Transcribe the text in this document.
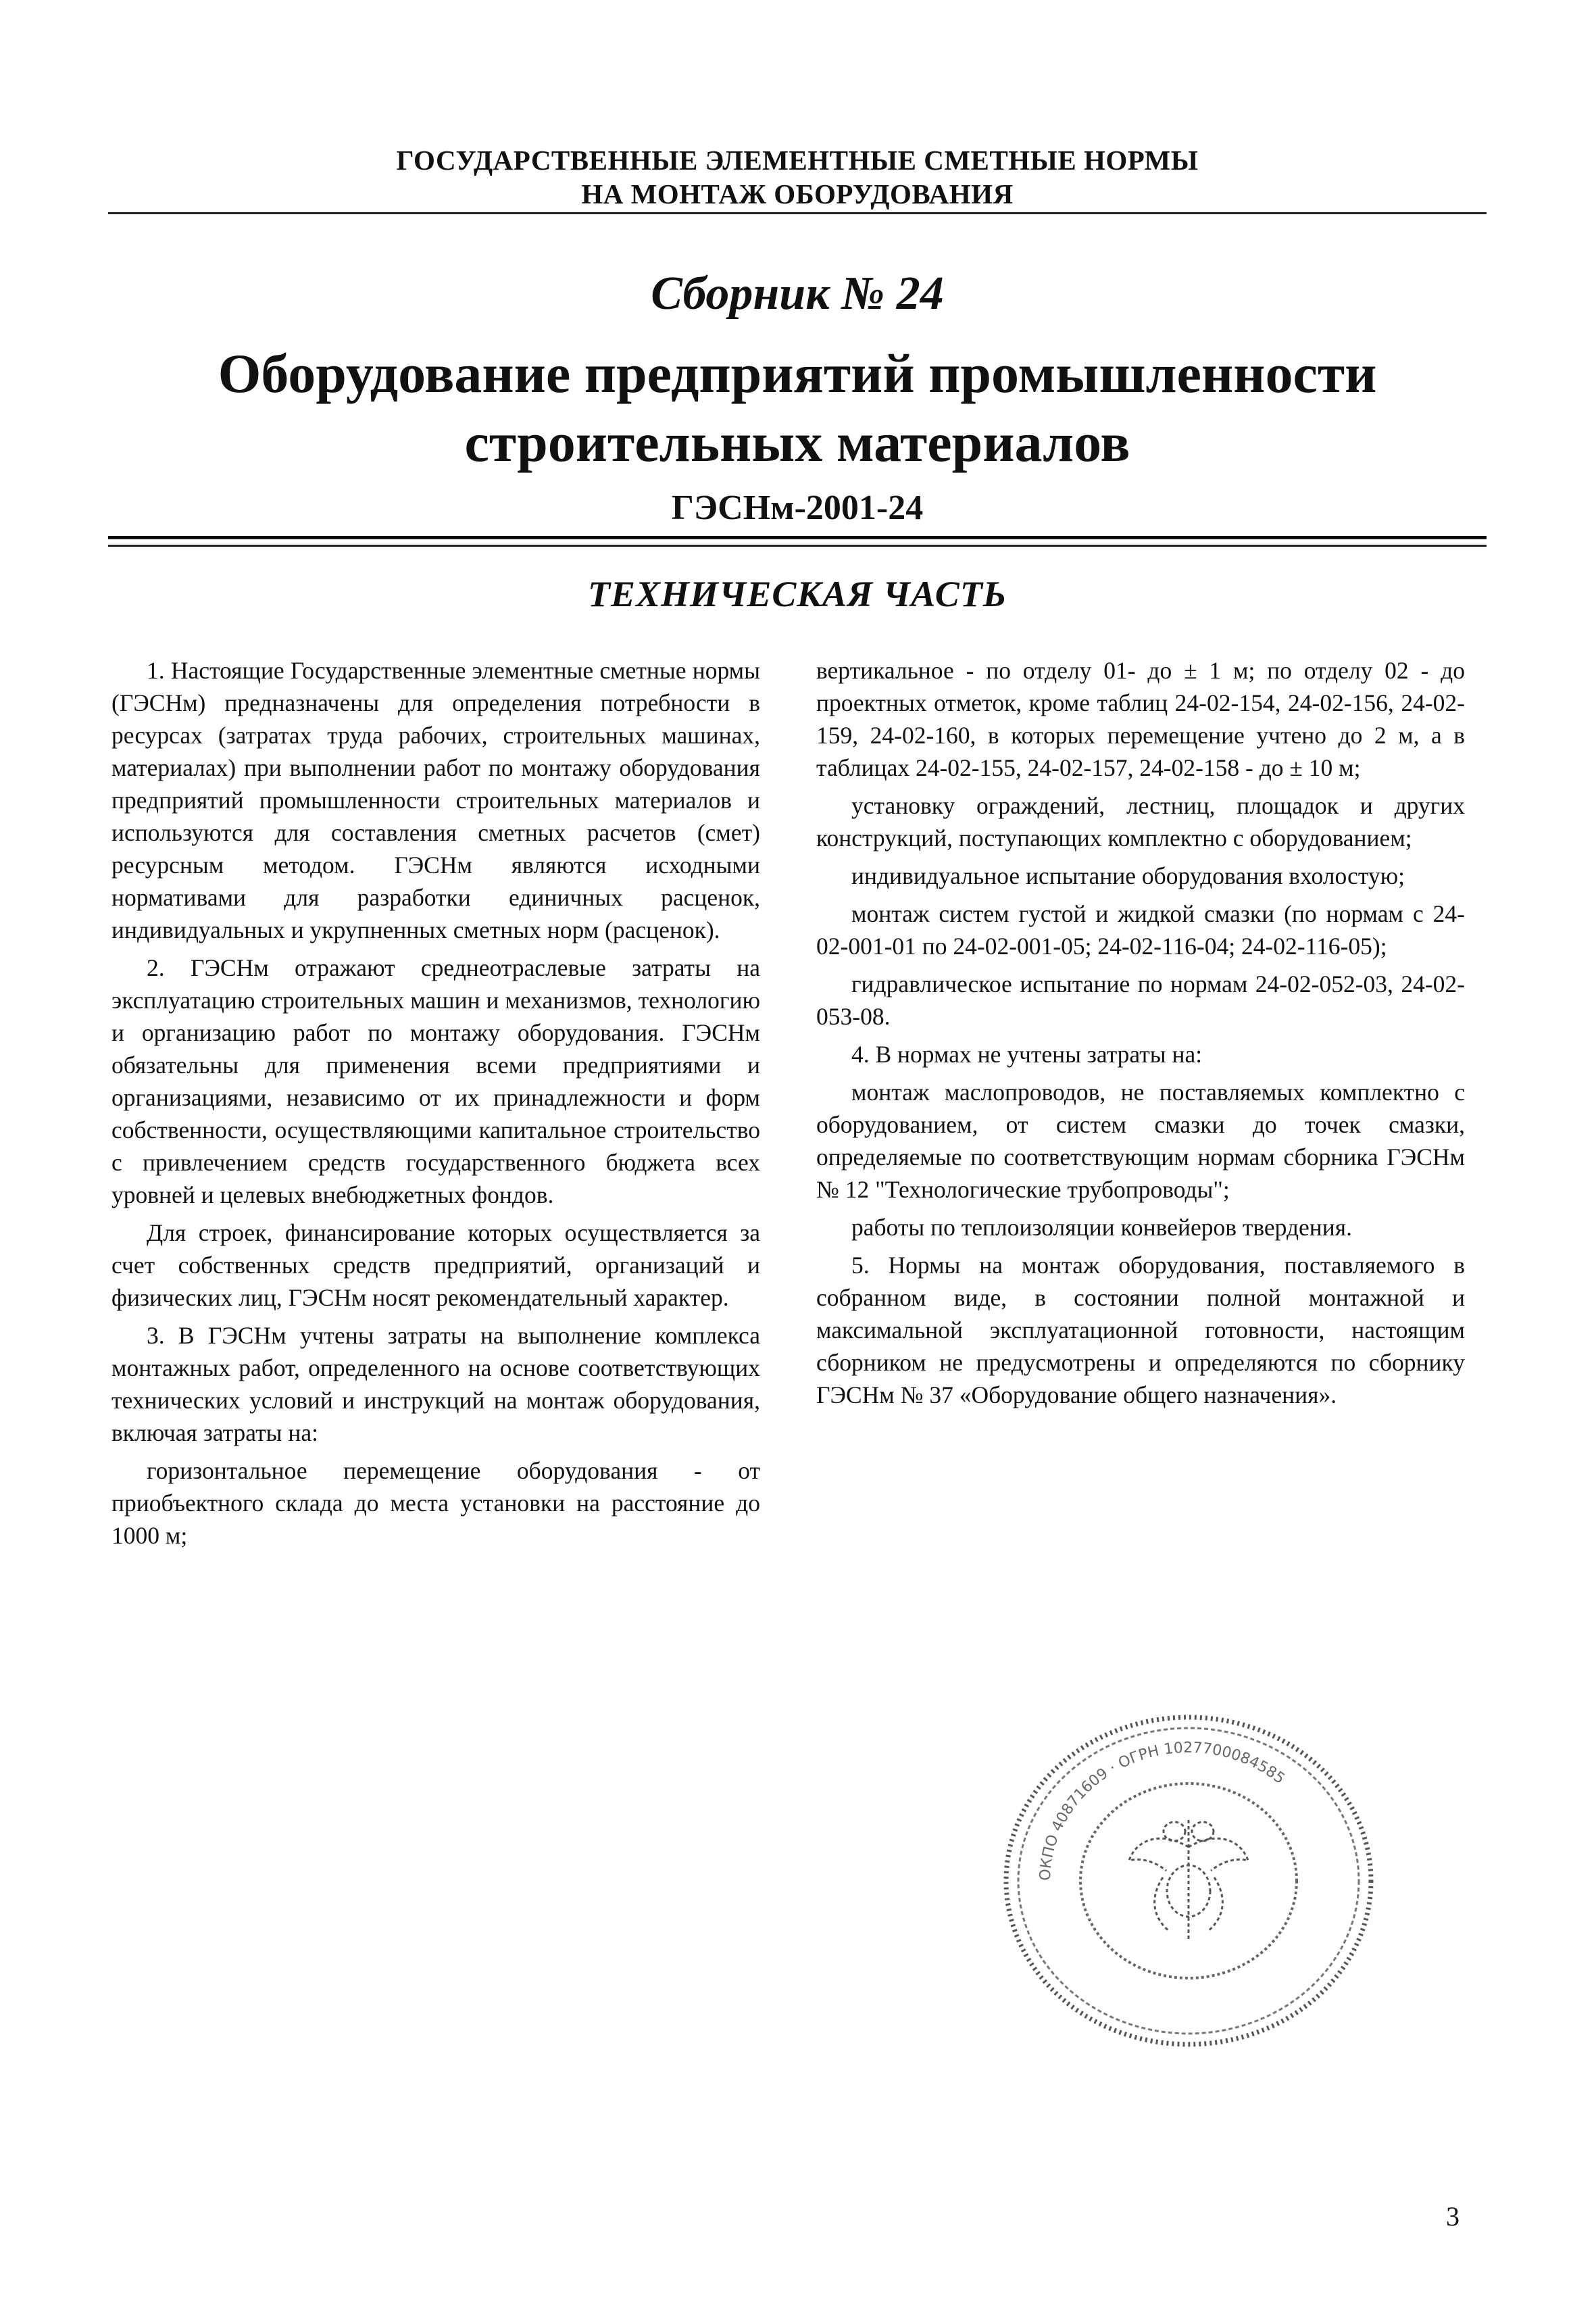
ГОСУДАРСТВЕННЫЕ ЭЛЕМЕНТНЫЕ СМЕТНЫЕ НОРМЫ
НА МОНТАЖ ОБОРУДОВАНИЯ
Сборник № 24
Оборудование предприятий промышленности
строительных материалов
ГЭСНм-2001-24
ТЕХНИЧЕСКАЯ ЧАСТЬ

1. Настоящие Государственные элементные сметные нормы (ГЭСНм) предназначены для определения потребности в ресурсах (затратах труда рабочих, строительных машинах, материалах) при выполнении работ по монтажу оборудования предприятий промышленности строительных материалов и используются для составления сметных расчетов (смет) ресурсным методом. ГЭСНм являются исходными нормативами для разработки единичных расценок, индивидуальных и укрупненных сметных норм (расценок).

2. ГЭСНм отражают среднеотраслевые затраты на эксплуатацию строительных машин и механизмов, технологию и организацию работ по монтажу оборудования. ГЭСНм обязательны для применения всеми предприятиями и организациями, независимо от их принадлежности и форм собственности, осуществляющими капитальное строительство с привлечением средств государственного бюджета всех уровней и целевых внебюджетных фондов.

Для строек, финансирование которых осуществляется за счет собственных средств предприятий, организаций и физических лиц, ГЭСНм носят рекомендательный характер.

3. В ГЭСНм учтены затраты на выполнение комплекса монтажных работ, определенного на основе соответствующих технических условий и инструкций на монтаж оборудования, включая затраты на:

горизонтальное перемещение оборудования - от приобъектного склада до места установки на расстояние до 1000 м;

вертикальное - по отделу 01- до ± 1 м; по отделу 02 - до проектных отметок, кроме таблиц 24-02-154, 24-02-156, 24-02-159, 24-02-160, в которых перемещение учтено до 2 м, а в таблицах 24-02-155, 24-02-157, 24-02-158 - до ± 10 м;

установку ограждений, лестниц, площадок и других конструкций, поступающих комплектно с оборудованием;

индивидуальное испытание оборудования вхолостую;

монтаж систем густой и жидкой смазки (по нормам с 24-02-001-01 по 24-02-001-05; 24-02-116-04; 24-02-116-05);

гидравлическое испытание по нормам 24-02-052-03, 24-02-053-08.

4. В нормах не учтены затраты на:

монтаж маслопроводов, не поставляемых комплектно с оборудованием, от систем смазки до точек смазки, определяемые по соответствующим нормам сборника ГЭСНм № 12 "Технологические трубопроводы";

работы по теплоизоляции конвейеров твердения.

5. Нормы на монтаж оборудования, поставляемого в собранном виде, в состоянии полной монтажной и максимальной эксплуатационной готовности, настоящим сборником не предусмотрены и определяются по сборнику ГЭСНм № 37 «Оборудование общего назначения».

ОКПО 40871609 · ОГРН 1027700084585
3
